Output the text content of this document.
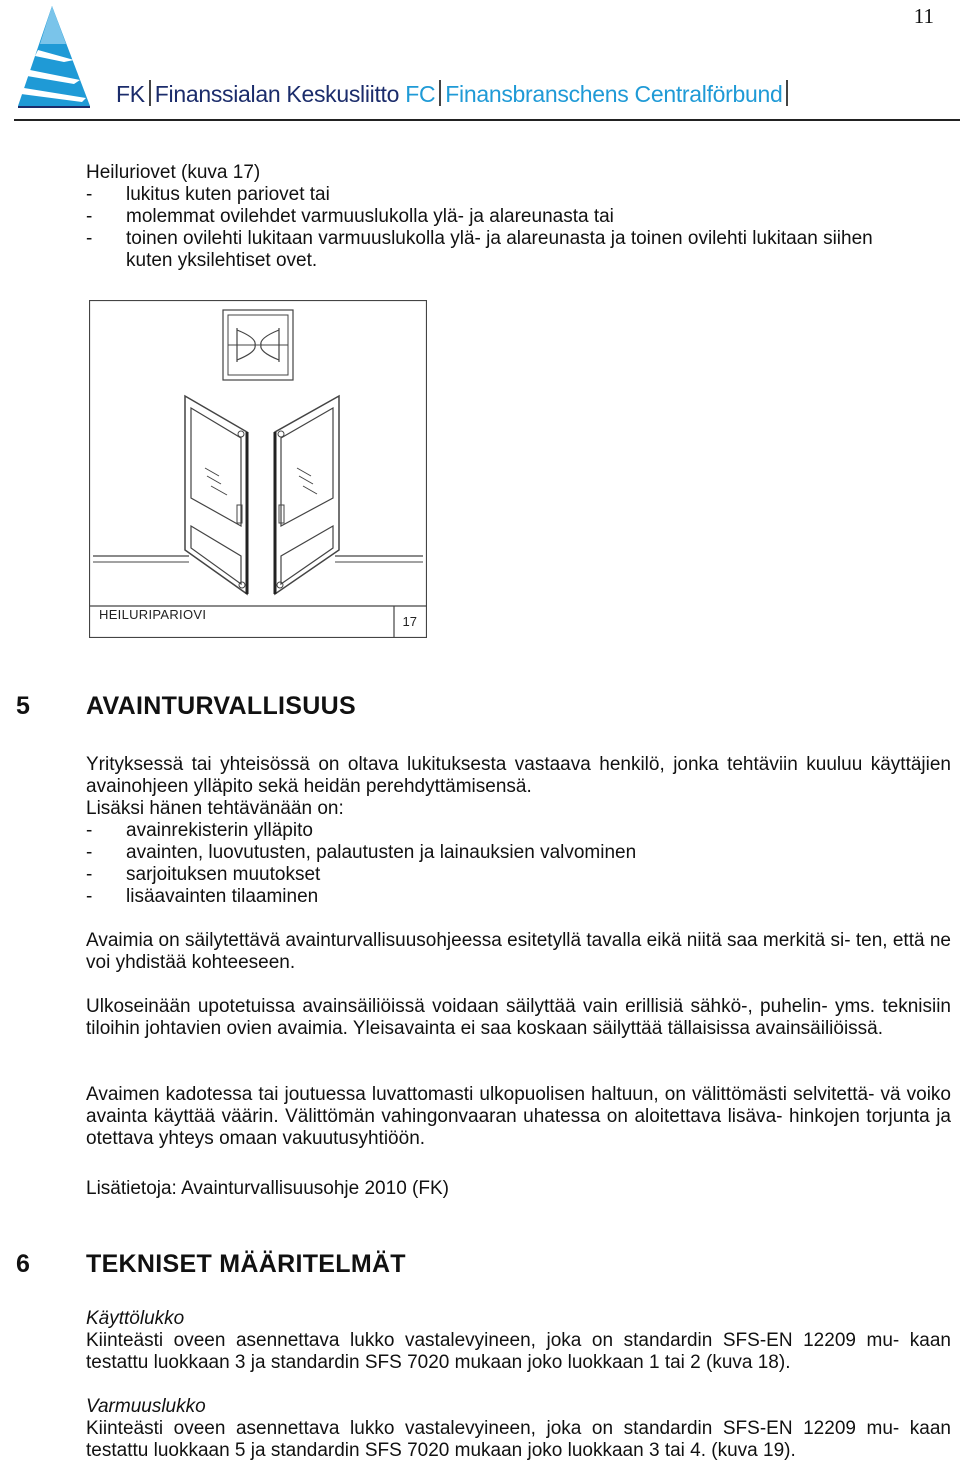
11
FK Finanssialan Keskusliitto FC Finansbranschens Centralförbund
Heiluriovet (kuva 17)
- lukitus kuten pariovet tai
- molemmat ovilehdet varmuuslukolla ylä- ja alareunasta tai
- toinen ovilehti lukitaan varmuuslukolla ylä- ja alareunasta ja toinen ovilehti lukitaan siihen
kuten yksilehtiset ovet.
HEILURIPARIOVI	17
5 AVAINTURVALLISUUS
Yrityksessä tai yhteisössä on oltava lukituksesta vastaava henkilö, jonka tehtäviin kuuluu käyttäjien avainohjeen ylläpito sekä heidän perehdyttämisensä.
Lisäksi hänen tehtävänään on:
- avainrekisterin ylläpito
- avainten, luovutusten, palautusten ja lainauksien valvominen
- sarjoituksen muutokset
- lisäavainten tilaaminen
Avaimia on säilytettävä avainturvallisuusohjeessa esitetyllä tavalla eikä niitä saa merkitä si- ten, että ne voi yhdistää kohteeseen.
Ulkoseinään upotetuissa avainsäiliöissä voidaan säilyttää vain erillisiä sähkö-, puhelin- yms. teknisiin tiloihin johtavien ovien avaimia. Yleisavainta ei saa koskaan säilyttää tällaisissa avainsäiliöissä.
Avaimen kadotessa tai joutuessa luvattomasti ulkopuolisen haltuun, on välittömästi selvitettä- vä voiko avainta käyttää väärin. Välittömän vahingonvaaran uhatessa on aloitettava lisäva- hinkojen torjunta ja otettava yhteys omaan vakuutusyhtiöön.
Lisätietoja: Avainturvallisuusohje 2010 (FK)
6 TEKNISET MÄÄRITELMÄT
Käyttölukko
Kiinteästi oveen asennettava lukko vastalevyineen, joka on standardin SFS-EN 12209 mu- kaan testattu luokkaan 3 ja standardin SFS 7020 mukaan joko luokkaan 1 tai 2 (kuva 18).
Varmuuslukko
Kiinteästi oveen asennettava lukko vastalevyineen, joka on standardin SFS-EN 12209 mu- kaan testattu luokkaan 5 ja standardin SFS 7020 mukaan joko luokkaan 3 tai 4. (kuva 19).
